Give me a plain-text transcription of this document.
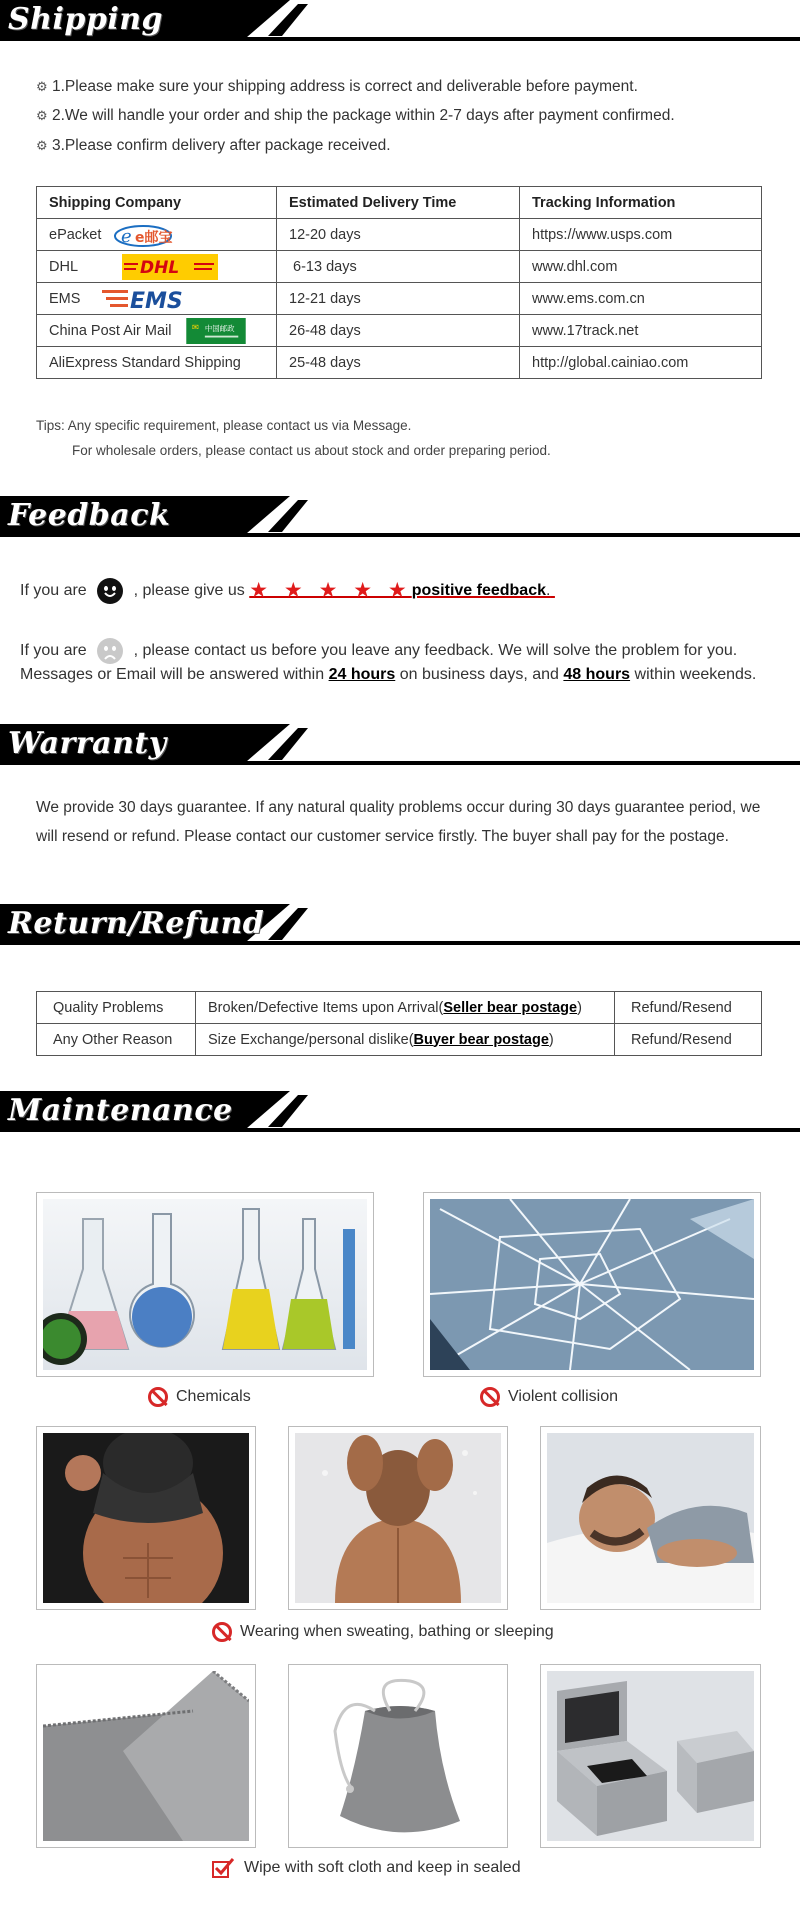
Shipping
⚙ 1.Please make sure your shipping address is correct and deliverable before payment.
⚙ 2.We will handle your order and ship the package within 2-7 days after payment confirmed.
⚙ 3.Please confirm delivery after package received.
Shipping Company	Estimated Delivery Time	Tracking Information
ePacket e e邮宝	12-20 days	https://www.usps.com
DHL DHL	6-13 days	www.dhl.com
EMS EMS	12-21 days	www.ems.com.cn
China Post Air Mail ✉ 中国邮政	26-48 days	www.17track.net
AliExpress Standard Shipping	25-48 days	http://global.cainiao.com
Tips: Any specific requirement, please contact us via Message.
For wholesale orders, please contact us about stock and order preparing period.
Feedback
If you are	, please give us ★ ★ ★ ★ ★positive feedback.
If you are	, please contact us before you leave any feedback. We will solve the problem for you.
Messages or Email will be answered within 24 hours on business days, and 48 hours within weekends.
Warranty
We provide 30 days guarantee. If any natural quality problems occur during 30 days guarantee period, we will resend or refund. Please contact our customer service firstly. The buyer shall pay for the postage.
Return/Refund
Quality Problems	Broken/Defective Items upon Arrival(Seller bear postage)	Refund/Resend
Any Other Reason	Size Exchange/personal dislike(Buyer bear postage)	Refund/Resend
Maintenance
Chemicals	Violent collision
Wearing when sweating, bathing or sleeping
Wipe with soft cloth and keep in sealed
